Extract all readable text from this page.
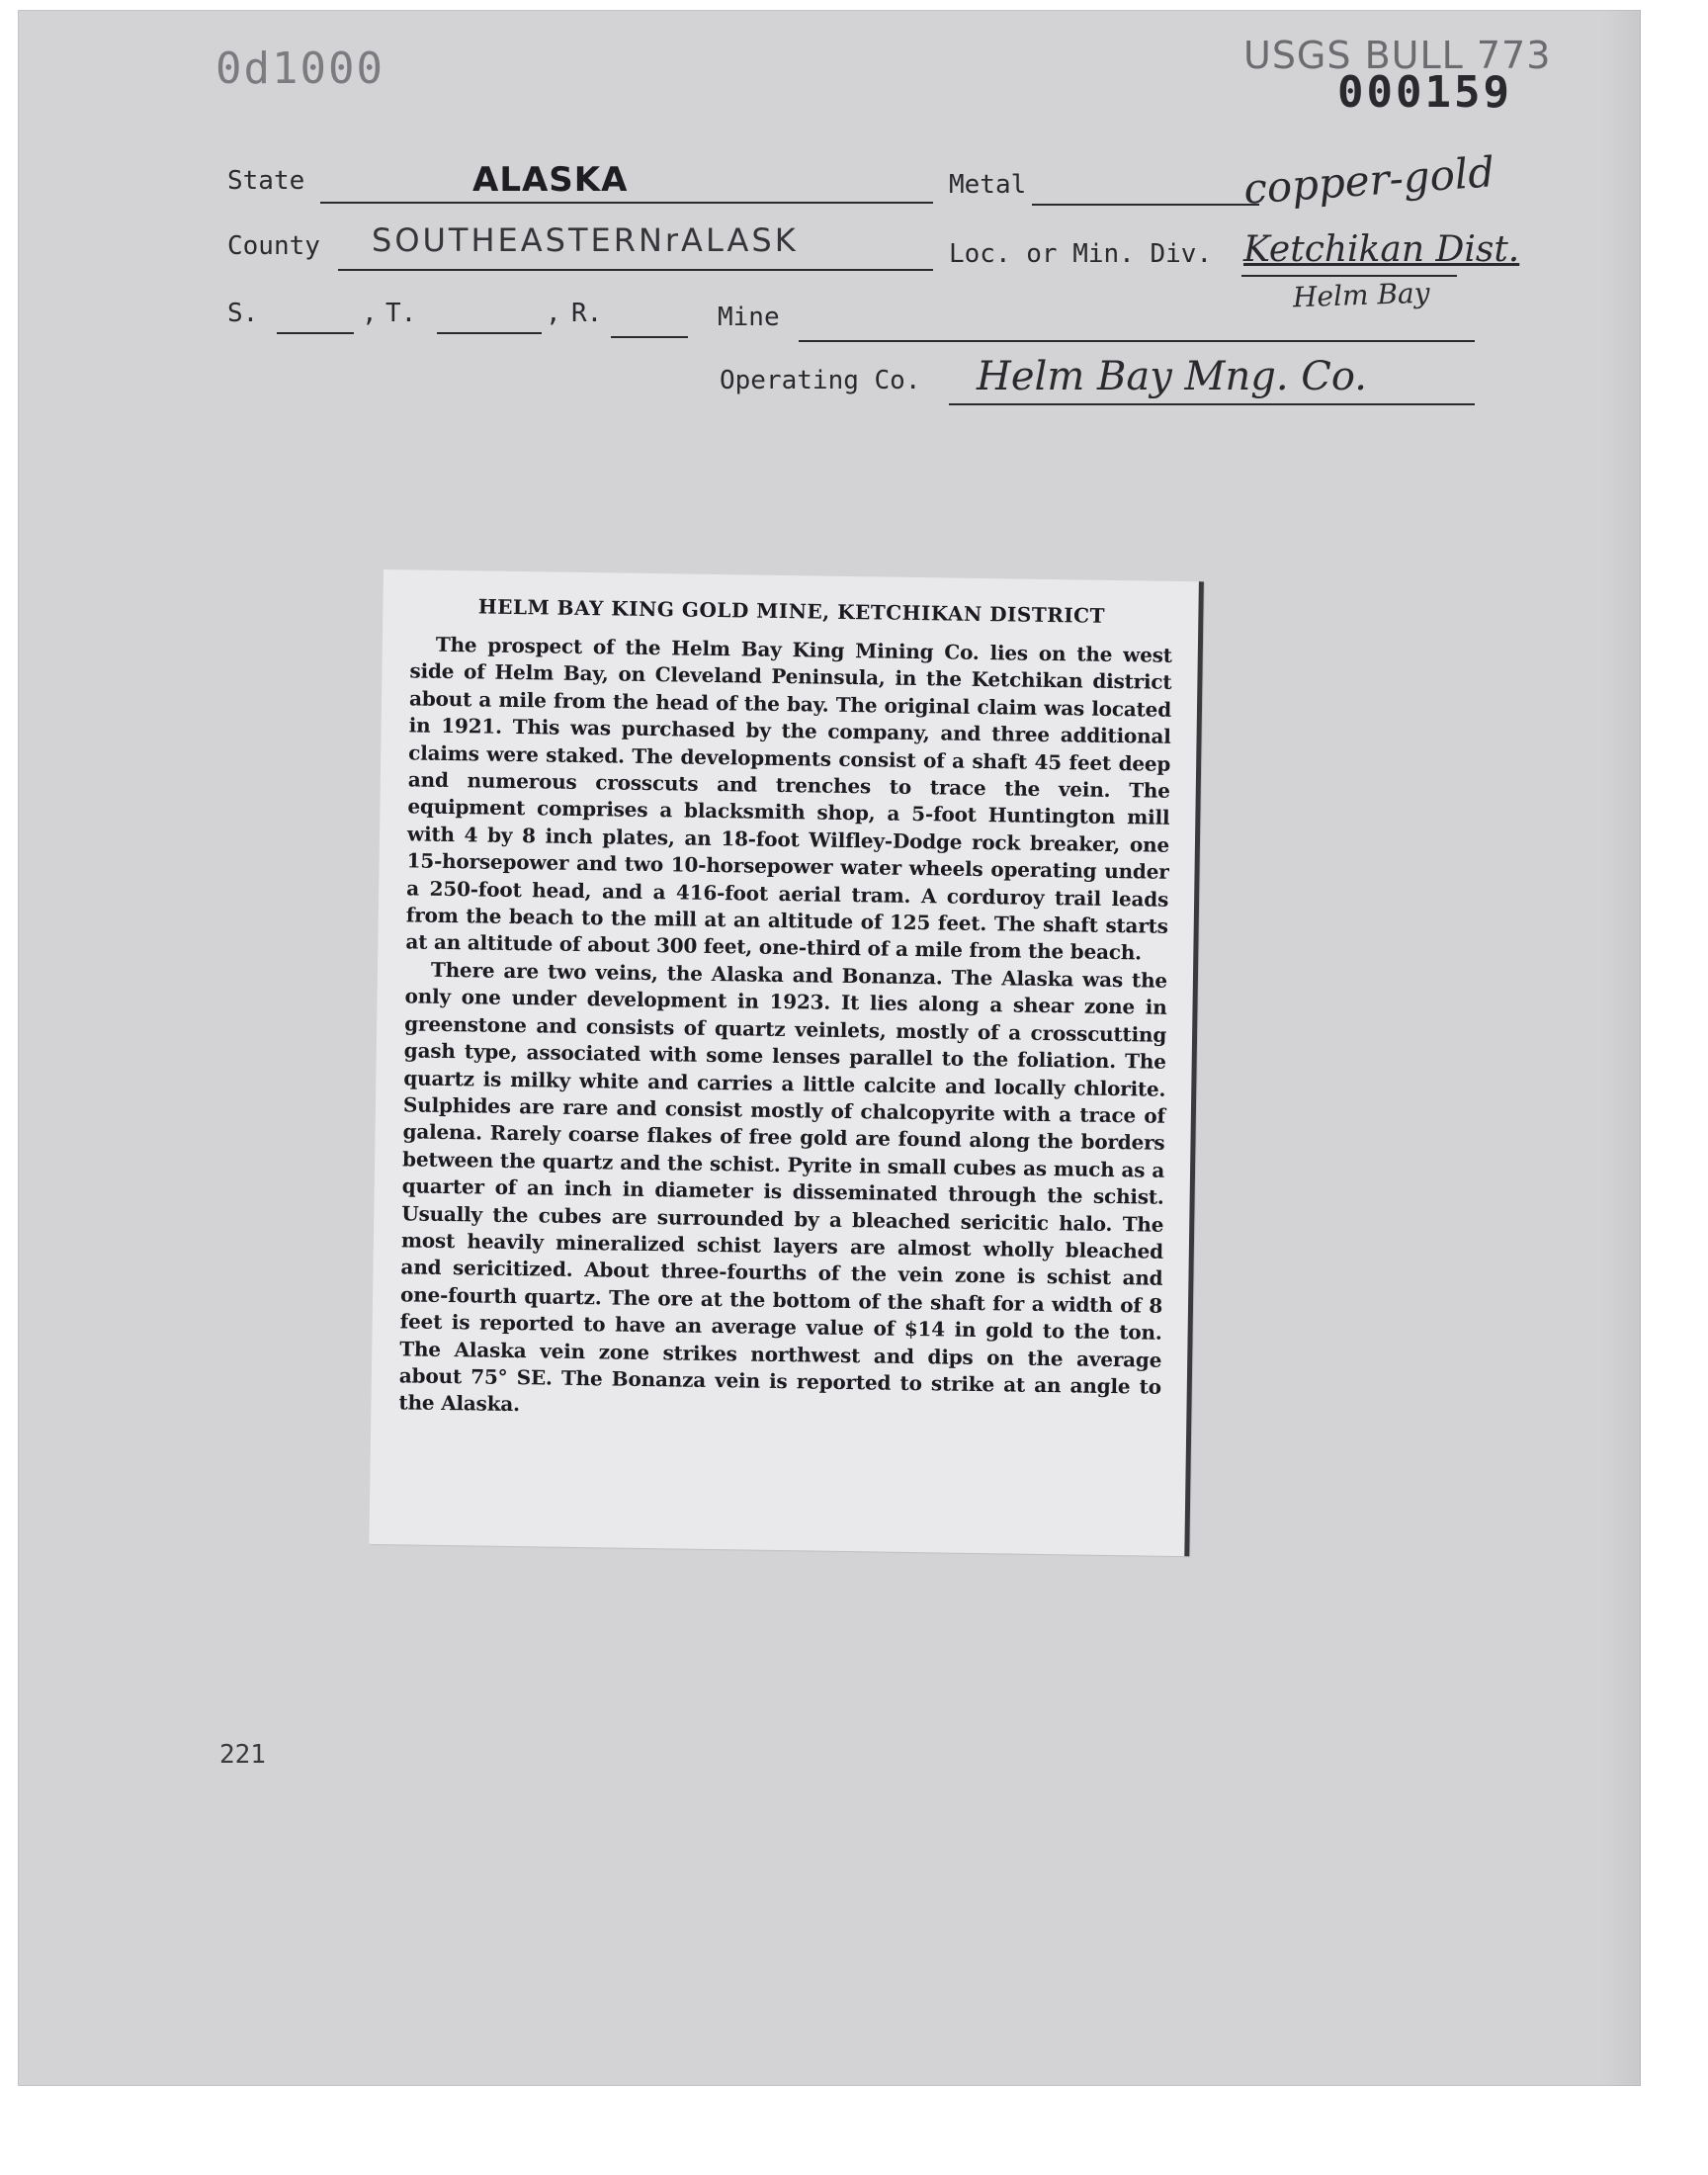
0d1000	USGS BULL 773
000159
State	ALASKA	Metal	copper-gold
County SOUTHEASTERNrALASK	Loc. or Min. Div. Ketchikan Dist.
Helm Bay
S.	, T.	, R.	Mine
Operating Co. Helm Bay Mng. Co.
HELM BAY KING GOLD MINE, KETCHIKAN DISTRICT

The prospect of the Helm Bay King Mining Co. lies on the west side of Helm Bay, on Cleveland Peninsula, in the Ketchikan district about a mile from the head of the bay. The original claim was located in 1921. This was purchased by the company, and three additional claims were staked. The developments consist of a shaft 45 feet deep and numerous crosscuts and trenches to trace the vein. The equipment comprises a blacksmith shop, a 5-foot Huntington mill with 4 by 8 inch plates, an 18-foot Wilfley-Dodge rock breaker, one 15-horsepower and two 10-horsepower water wheels operating under a 250-foot head, and a 416-foot aerial tram. A corduroy trail leads from the beach to the mill at an altitude of 125 feet. The shaft starts at an altitude of about 300 feet, one-third of a mile from the beach.

There are two veins, the Alaska and Bonanza. The Alaska was the only one under development in 1923. It lies along a shear zone in greenstone and consists of quartz veinlets, mostly of a crosscutting gash type, associated with some lenses parallel to the foliation. The quartz is milky white and carries a little calcite and locally chlorite. Sulphides are rare and consist mostly of chalcopyrite with a trace of galena. Rarely coarse flakes of free gold are found along the borders between the quartz and the schist. Pyrite in small cubes as much as a quarter of an inch in diameter is disseminated through the schist. Usually the cubes are surrounded by a bleached sericitic halo. The most heavily mineralized schist layers are almost wholly bleached and sericitized. About three-fourths of the vein zone is schist and one-fourth quartz. The ore at the bottom of the shaft for a width of 8 feet is reported to have an average value of $14 in gold to the ton. The Alaska vein zone strikes northwest and dips on the average about 75° SE. The Bonanza vein is reported to strike at an angle to the Alaska.

221
